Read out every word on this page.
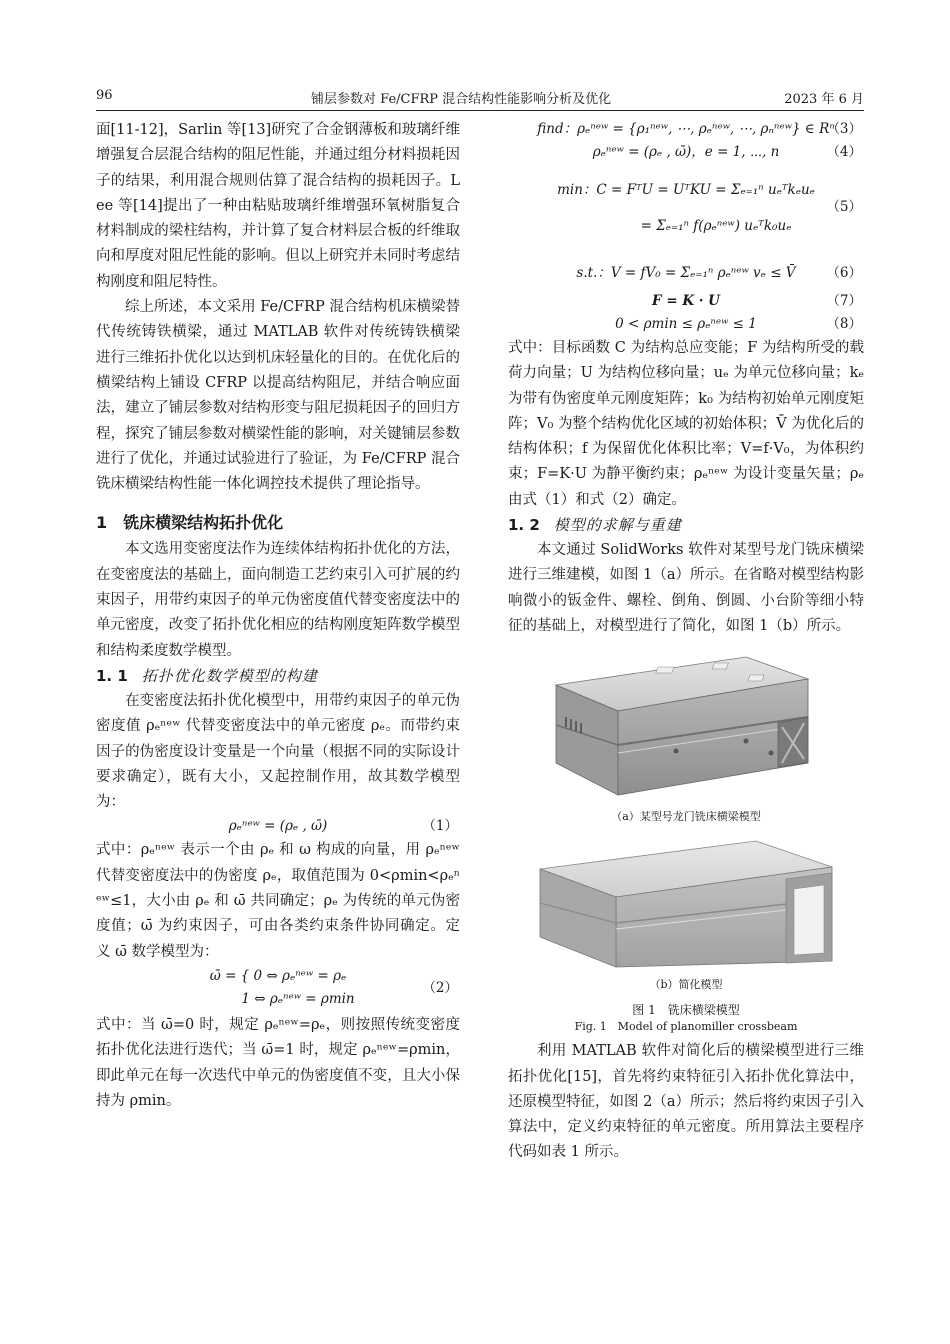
96	铺层参数对 Fe/CFRP 混合结构性能影响分析及优化	2023 年 6 月

面[11-12]，Sarlin 等[13]研究了合金钢薄板和玻璃纤维增强复合层混合结构的阻尼性能，并通过组分材料损耗因子的结果，利用混合规则估算了混合结构的损耗因子。Lee 等[14]提出了一种由粘贴玻璃纤维增强环氧树脂复合材料制成的梁柱结构，并计算了复合材料层合板的纤维取向和厚度对阻尼性能的影响。但以上研究并未同时考虑结构刚度和阻尼特性。

综上所述，本文采用 Fe/CFRP 混合结构机床横梁替代传统铸铁横梁，通过 MATLAB 软件对传统铸铁横梁进行三维拓扑优化以达到机床轻量化的目的。在优化后的横梁结构上铺设 CFRP 以提高结构阻尼，并结合响应面法，建立了铺层参数对结构形变与阻尼损耗因子的回归方程，探究了铺层参数对横梁性能的影响，对关键铺层参数进行了优化，并通过试验进行了验证，为 Fe/CFRP 混合铣床横梁结构性能一体化调控技术提供了理论指导。

1　铣床横梁结构拓扑优化

本文选用变密度法作为连续体结构拓扑优化的方法，在变密度法的基础上，面向制造工艺约束引入可扩展的约束因子，用带约束因子的单元伪密度值代替变密度法中的单元密度，改变了拓扑优化相应的结构刚度矩阵数学模型和结构柔度数学模型。

1. 1 拓扑优化数学模型的构建

在变密度法拓扑优化模型中，用带约束因子的单元伪密度值 ρₑⁿᵉʷ 代替变密度法中的单元密度 ρₑ。而带约束因子的伪密度设计变量是一个向量（根据不同的实际设计要求确定），既有大小，又起控制作用，故其数学模型为：

ρₑⁿᵉʷ = (ρₑ , ω̄)	（1）

式中：ρₑⁿᵉʷ 表示一个由 ρₑ 和 ω 构成的向量，用 ρₑⁿᵉʷ 代替变密度法中的伪密度 ρₑ，取值范围为 0<ρmin<ρₑⁿᵉʷ≤1，大小由 ρₑ 和 ω̄ 共同确定；ρₑ 为传统的单元伪密度值；ω̄ 为约束因子，可由各类约束条件协同确定。定义 ω̄ 数学模型为：

ω̄ = { 0 ⇔ ρₑⁿᵉʷ = ρₑ
1 ⇔ ρₑⁿᵉʷ = ρmin
（2）

式中：当 ω̄=0 时，规定 ρₑⁿᵉʷ=ρₑ，则按照传统变密度拓扑优化法进行迭代；当 ω̄=1 时，规定 ρₑⁿᵉʷ=ρmin，即此单元在每一次迭代中单元的伪密度值不变，且大小保持为 ρmin。

find：ρₑⁿᵉʷ = {ρ₁ⁿᵉʷ, ⋯, ρₑⁿᵉʷ, ⋯, ρₙⁿᵉʷ} ∈ Rⁿ
（3）
ρₑⁿᵉʷ = (ρₑ , ω̄)，e = 1, ⋯, n	（4）
min：C = FᵀU = UᵀKU = Σₑ₌₁ⁿ uₑᵀkₑuₑ
= Σₑ₌₁ⁿ f(ρₑⁿᵉʷ) uₑᵀk₀uₑ
（5）
s.t.：V = fV₀ = Σₑ₌₁ⁿ ρₑⁿᵉʷ vₑ ≤ V̄ （6）
F = K · U	（7）
0 < ρmin ≤ ρₑⁿᵉʷ ≤ 1	（8）

式中：目标函数 C 为结构总应变能；F 为结构所受的载荷力向量；U 为结构位移向量；uₑ 为单元位移向量；kₑ 为带有伪密度单元刚度矩阵；k₀ 为结构初始单元刚度矩阵；V₀ 为整个结构优化区域的初始体积；V̄ 为优化后的结构体积；f 为保留优化体积比率；V=f·V₀，为体积约束；F=K·U 为静平衡约束；ρₑⁿᵉʷ 为设计变量矢量；ρₑ 由式（1）和式（2）确定。

1. 2 模型的求解与重建

本文通过 SolidWorks 软件对某型号龙门铣床横梁进行三维建模，如图 1（a）所示。在省略对模型结构影响微小的钣金件、螺栓、倒角、倒圆、小台阶等细小特征的基础上，对模型进行了简化，如图 1（b）所示。

（a）某型号龙门铣床横梁模型
（b）简化模型
图 1　铣床横梁模型
Fig. 1　Model of planomiller crossbeam

利用 MATLAB 软件对简化后的横梁模型进行三维拓扑优化[15]，首先将约束特征引入拓扑优化算法中，还原模型特征，如图 2（a）所示；然后将约束因子引入算法中，定义约束特征的单元密度。所用算法主要程序代码如表 1 所示。
